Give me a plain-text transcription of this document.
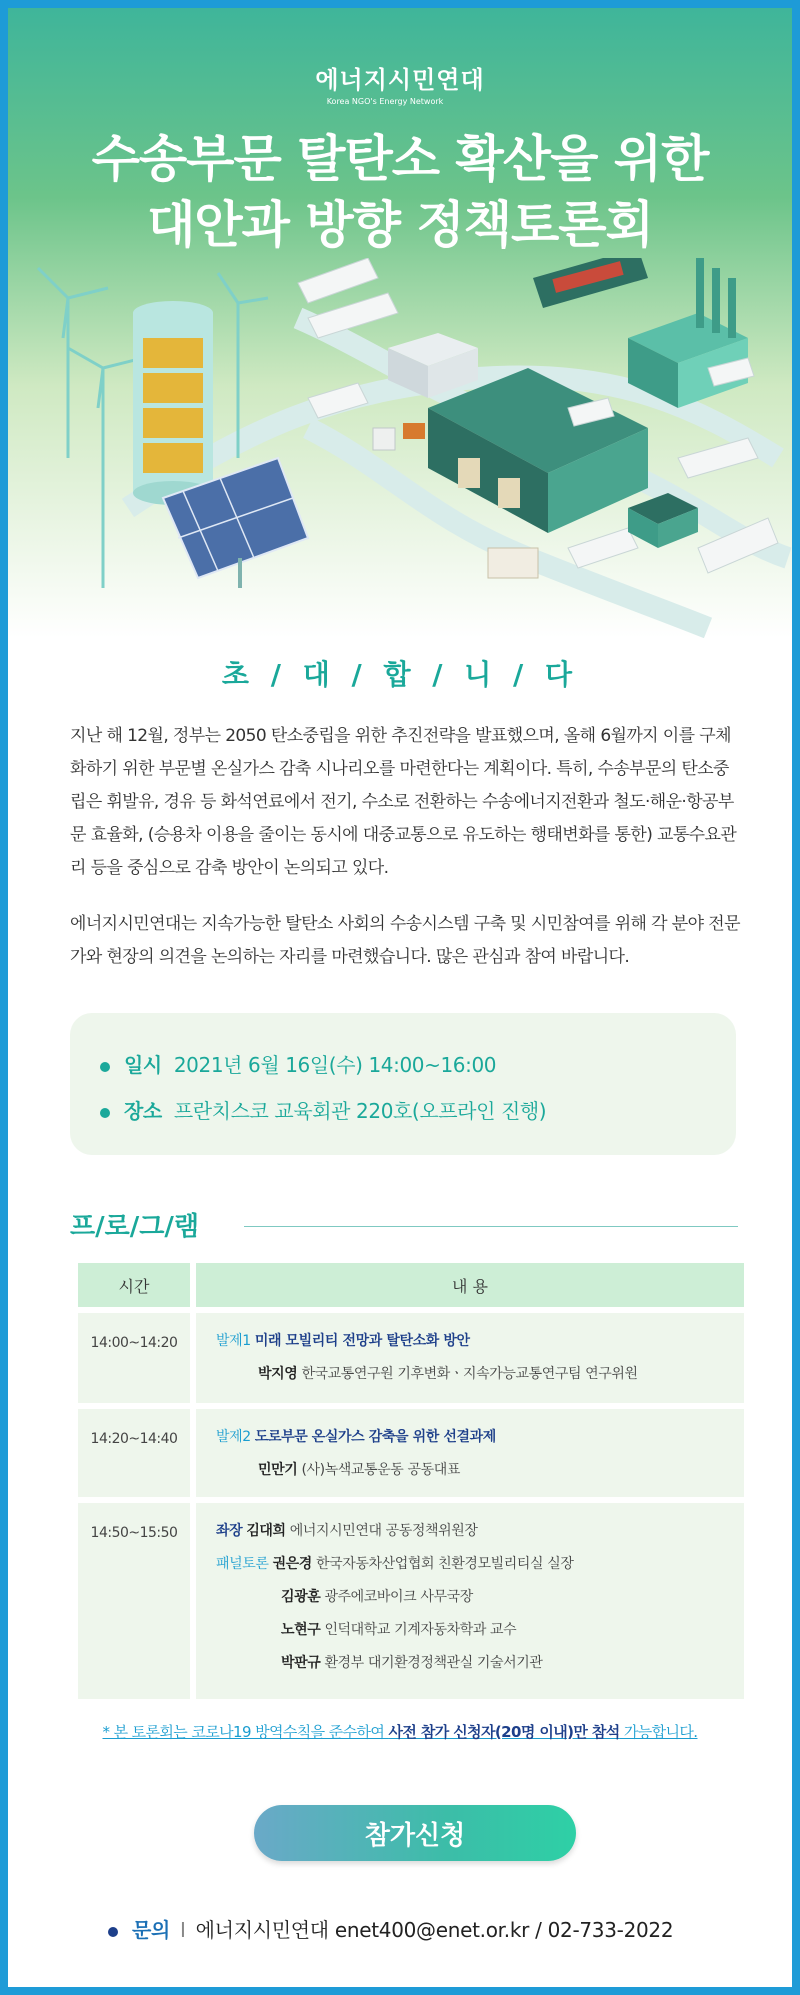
에너지시민연대
Korea NGO's Energy Network
수송부문 탈탄소 확산을 위한
대안과 방향 정책토론회
초 / 대 / 합 / 니 / 다

지난 해 12월, 정부는 2050 탄소중립을 위한 추진전략을 발표했으며, 올해 6월까지 이를 구체화하기 위한 부문별 온실가스 감축 시나리오를 마련한다는 계획이다. 특히, 수송부문의 탄소중립은 휘발유, 경유 등 화석연료에서 전기, 수소로 전환하는 수송에너지전환과 철도·해운·항공부문 효율화, (승용차 이용을 줄이는 동시에 대중교통으로 유도하는 행태변화를 통한) 교통수요관리 등을 중심으로 감축 방안이 논의되고 있다.

에너지시민연대는 지속가능한 탈탄소 사회의 수송시스템 구축 및 시민참여를 위해 각 분야 전문가와 현장의 의견을 논의하는 자리를 마련했습니다. 많은 관심과 참여 바랍니다.

일시 2021년 6월 16일(수) 14:00~16:00
장소 프란치스코 교육회관 220호(오프라인 진행)
프/로/그/램
시간	내 용
14:00~14:20	발제1 미래 모빌리티 전망과 탈탄소화 방안
박지영 한국교통연구원 기후변화ㆍ지속가능교통연구팀 연구위원
14:20~14:40	발제2 도로부문 온실가스 감축을 위한 선결과제
민만기 (사)녹색교통운동 공동대표
14:50~15:50	좌장 김대희 에너지시민연대 공동정책위원장
패널토론 권은경 한국자동차산업협회 친환경모빌리티실 실장
김광훈 광주에코바이크 사무국장
노현구 인덕대학교 기계자동차학과 교수
박판규 환경부 대기환경정책관실 기술서기관
* 본 토론회는 코로나19 방역수칙을 준수하여 사전 참가 신청자(20명 이내)만 참석 가능합니다.
참가신청
문의 I 에너지시민연대 enet400@enet.or.kr / 02-733-2022
